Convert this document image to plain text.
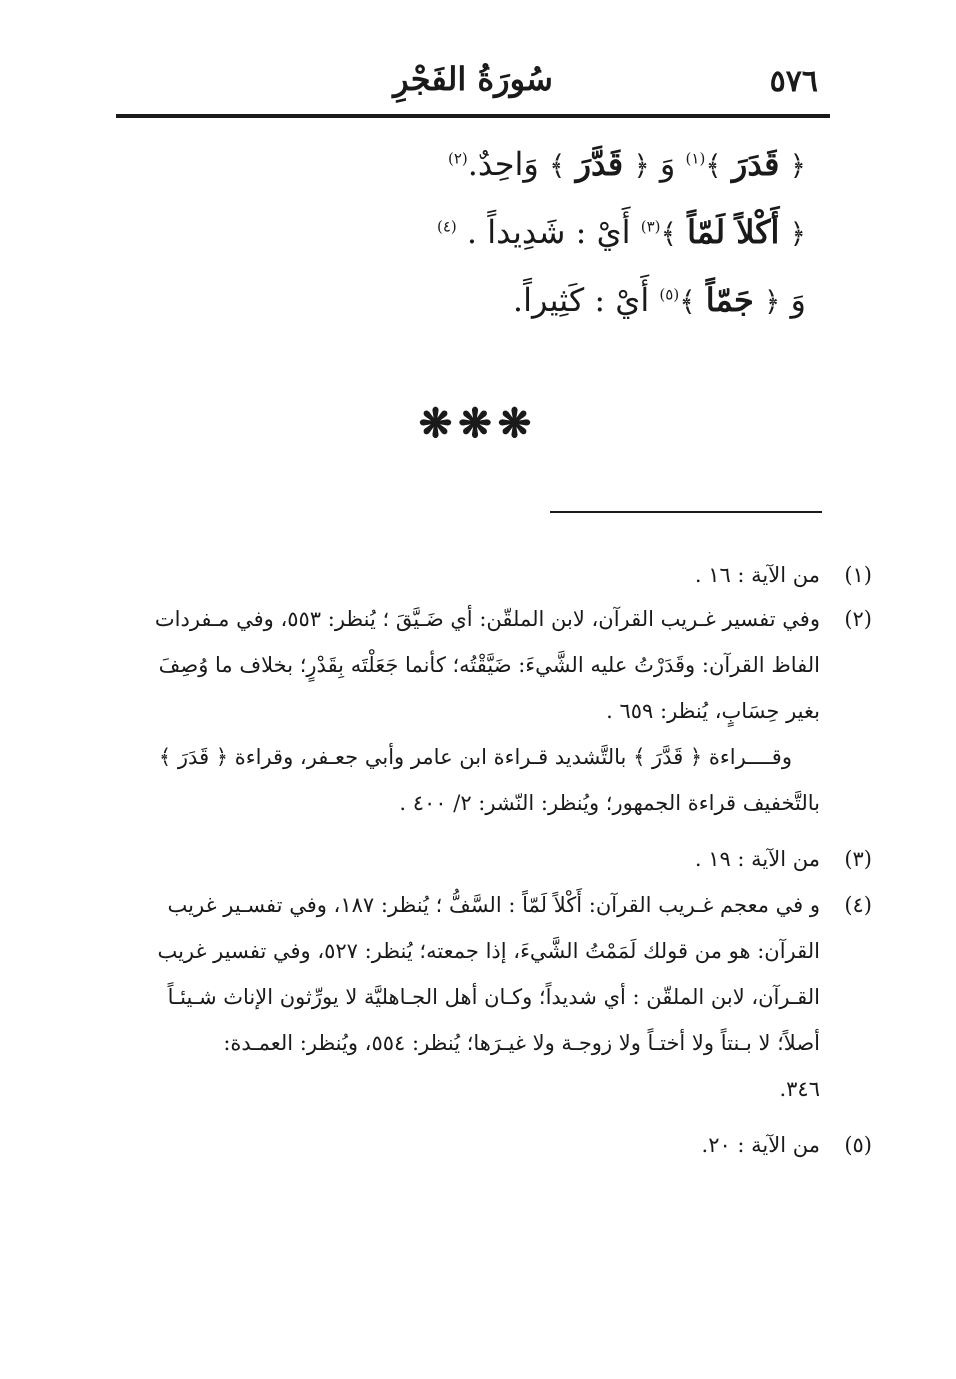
٥٧٦
سُورَةُ الفَجْرِ
﴿ قَدَرَ ﴾$^{(١)}$ وَ ﴿ قَدَّرَ ﴾ وَاحِدٌ.$^{(٢)}$
﴿ أَكْلاً لَمّاً ﴾$^{(٣)}$ أَيْ : شَدِيداً . $^{(٤)}$
وَ ﴿ جَمّاً ﴾$^{(٥)}$ أَيْ : كَثِيراً.
❋❋❋
(١)
من الآية : ١٦ .
(٢)
وفي تفسير غـريب القرآن، لابن الملقّن: أي ضَـيَّقَ ؛ يُنظر: ٥٥٣، وفي مـفردات
الفاظ القرآن: وقَدَرْتُ عليه الشَّيءَ: ضَيَّقْتُه؛ كأنما جَعَلْتَه بِقَدْرٍ؛ بخلاف ما وُصِفَ
بغير حِسَابٍ، يُنظر: ٦٥٩ .
وقــــراءة ﴿ قَدَّرَ ﴾ بالتَّشديد قـراءة ابن عامر وأبي جعـفر، وقراءة ﴿ قَدَرَ ﴾
بالتَّخفيف قراءة الجمهور؛ ويُنظر: النّشر: ٢/ ٤٠٠ .
(٣)
من الآية : ١٩ .
(٤)
و في معجم غـريب القرآن: أَكْلاً لَمّاً : السَّفُّ ؛ يُنظر: ١٨٧، وفي تفسـير غريب
القرآن: هو من قولك لَمَمْتُ الشَّيءَ، إذا جمعته؛ يُنظر: ٥٢٧، وفي تفسير غريب
القـرآن، لابن الملقّن : أي شديداً؛ وكـان أهل الجـاهليَّة لا يورِّثون الإناث شـيئـاً
أصلاً؛ لا بـنتاً ولا أختـاً ولا زوجـة ولا غيـرَها؛ يُنظر: ٥٥٤، ويُنظر: العمـدة:
٣٤٦.
(٥)
من الآية : ٢٠.
